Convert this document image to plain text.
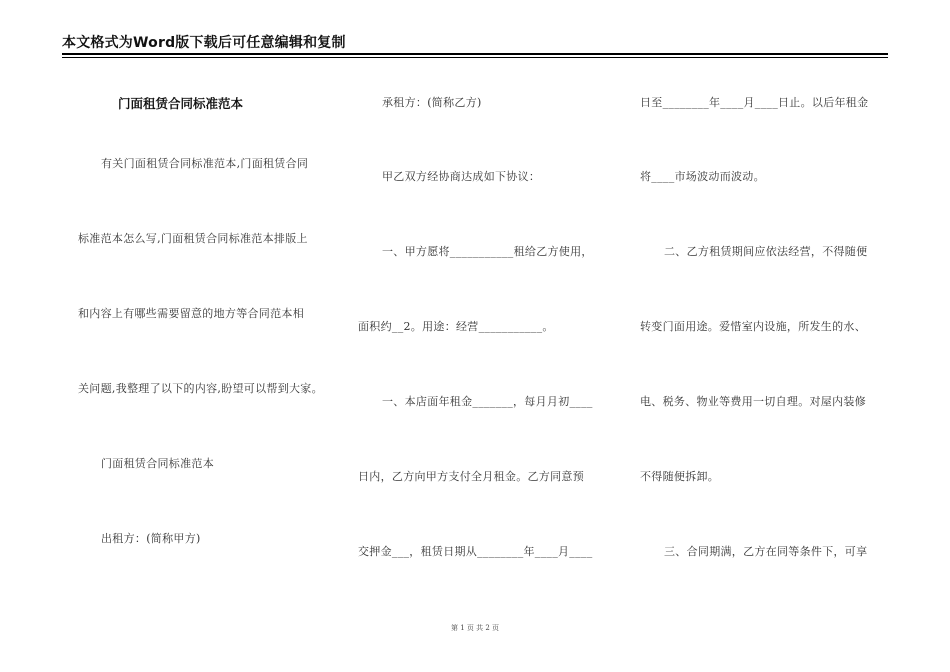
本文格式为Word版下载后可任意编辑和复制
门面租赁合同标准范本
有关门面租赁合同标准范本,门面租赁合同
标准范本怎么写,门面租赁合同标准范本排版上
和内容上有哪些需要留意的地方等合同范本相
关问题,我整理了以下的内容,盼望可以帮到大家。
门面租赁合同标准范本
出租方：(简称甲方)
承租方：(简称乙方)
甲乙双方经协商达成如下协议：
一、甲方愿将___________租给乙方使用，
面积约__2。用途：经营___________。
一、本店面年租金_______，每月月初____
日内，乙方向甲方支付全月租金。乙方同意预
交押金___，租赁日期从________年____月____
日至________年____月____日止。以后年租金
将____市场波动而波动。
二、乙方租赁期间应依法经营，不得随便
转变门面用途。爱惜室内设施，所发生的水、
电、税务、物业等费用一切自理。对屋内装修
不得随便拆卸。
三、合同期满，乙方在同等条件下，可享
第 1 页 共 2 页
